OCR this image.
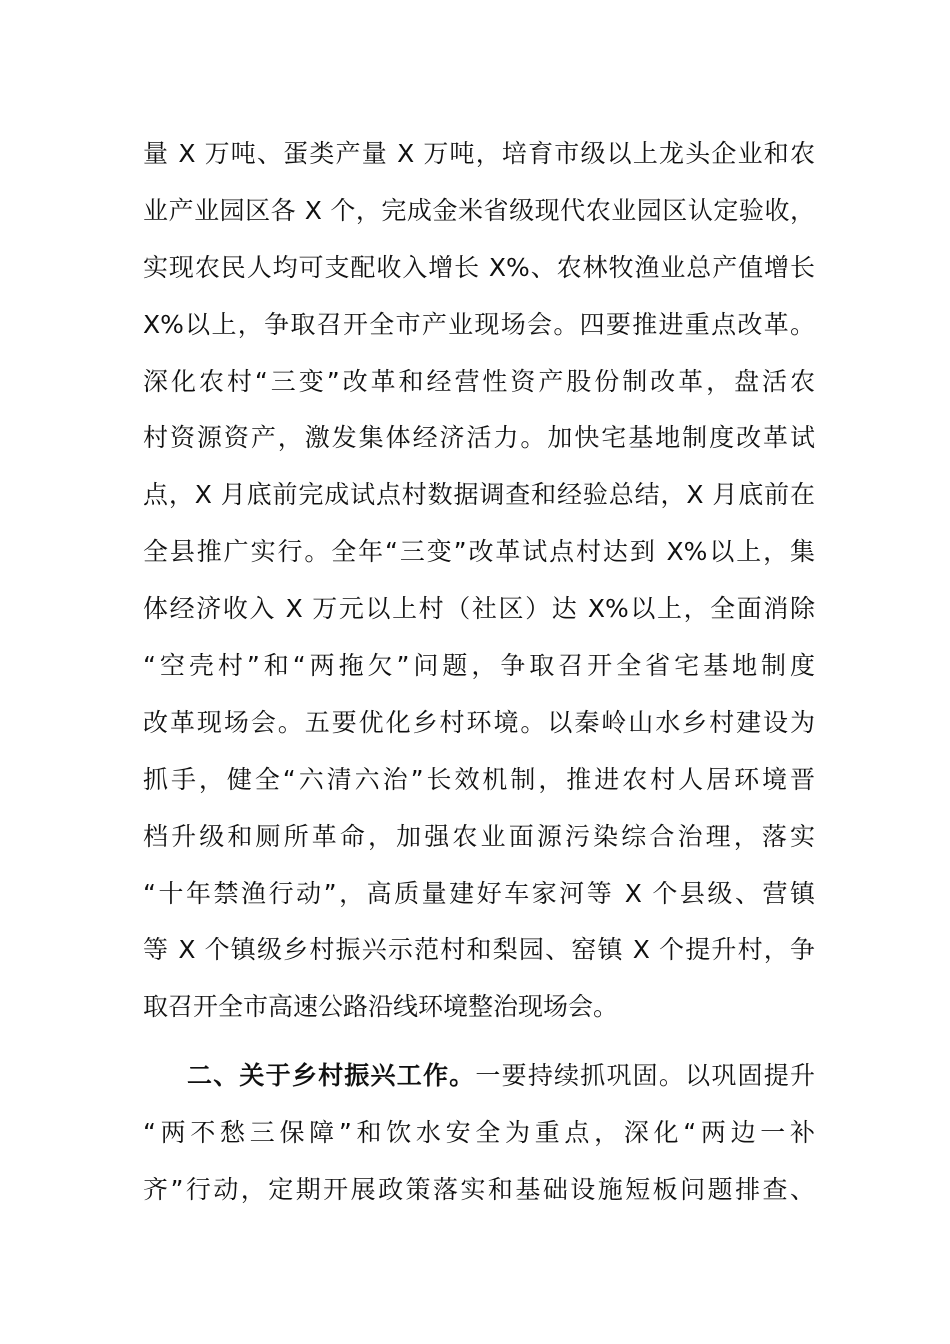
量 X 万吨、蛋类产量 X 万吨，培育市级以上龙头企业和农
业产业园区各 X 个，完成金米省级现代农业园区认定验收，
实现农民人均可支配收入增长 X%、农林牧渔业总产值增长
X%以上，争取召开全市产业现场会。四要推进重点改革。
深化农村“三变”改革和经营性资产股份制改革，盘活农
村资源资产，激发集体经济活力。加快宅基地制度改革试
点，X 月底前完成试点村数据调查和经验总结，X 月底前在
全县推广实行。全年“三变”改革试点村达到 X%以上，集
体经济收入 X 万元以上村（社区）达 X%以上，全面消除
“空壳村”和“两拖欠”问题，争取召开全省宅基地制度
改革现场会。五要优化乡村环境。以秦岭山水乡村建设为
抓手，健全“六清六治”长效机制，推进农村人居环境晋
档升级和厕所革命，加强农业面源污染综合治理，落实
“十年禁渔行动”，高质量建好车家河等 X 个县级、营镇
等 X 个镇级乡村振兴示范村和梨园、窑镇 X 个提升村，争
取召开全市高速公路沿线环境整治现场会。
二、关于乡村振兴工作。一要持续抓巩固。以巩固提升
“两不愁三保障”和饮水安全为重点，深化“两边一补
齐”行动，定期开展政策落实和基础设施短板问题排查、
